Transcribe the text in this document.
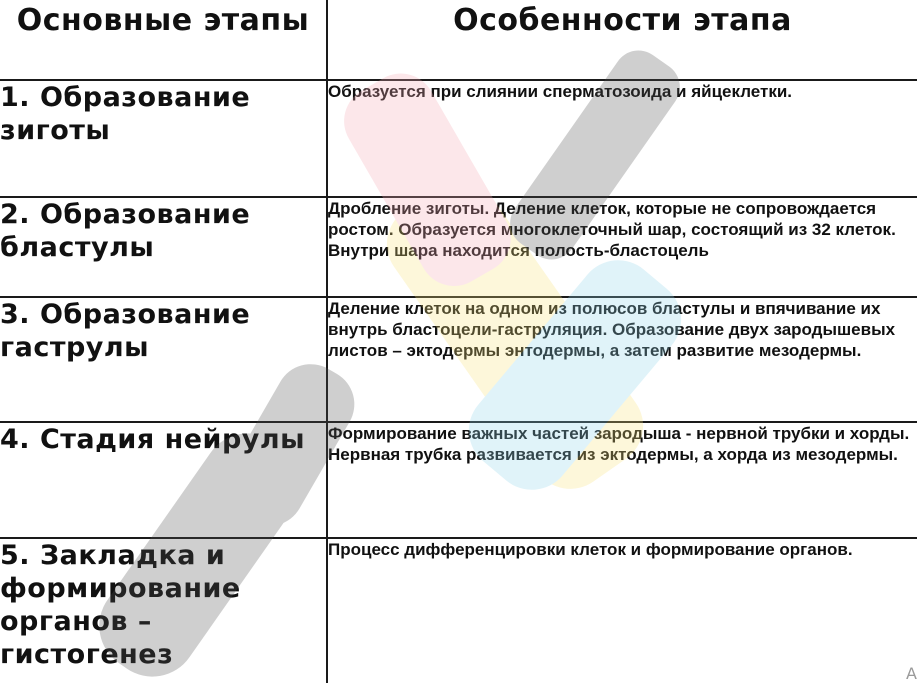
Основные этапы	Особенности этапа
1. Образование зиготы	Образуется при слиянии сперматозоида и яйцеклетки.
2. Образование бластулы	Дробление зиготы. Деление клеток, которые не сопровождается ростом. Образуется многоклеточный шар, состоящий из 32 клеток. Внутри шара находится полость-бластоцель
3. Образование гаструлы	Деление клеток на одном из полюсов бластулы и впячивание их внутрь бластоцели-гаструляция. Образование двух зародышевых листов – эктодермы энтодермы, а затем развитие мезодермы.
4. Стадия нейрулы	Формирование важных частей зародыша - нервной трубки и хорды. Нервная трубка развивается из эктодермы, а хорда из мезодермы.
5. Закладка и формирование органов – гистогенез	Процесс дифференцировки клеток и формирование органов.
A
